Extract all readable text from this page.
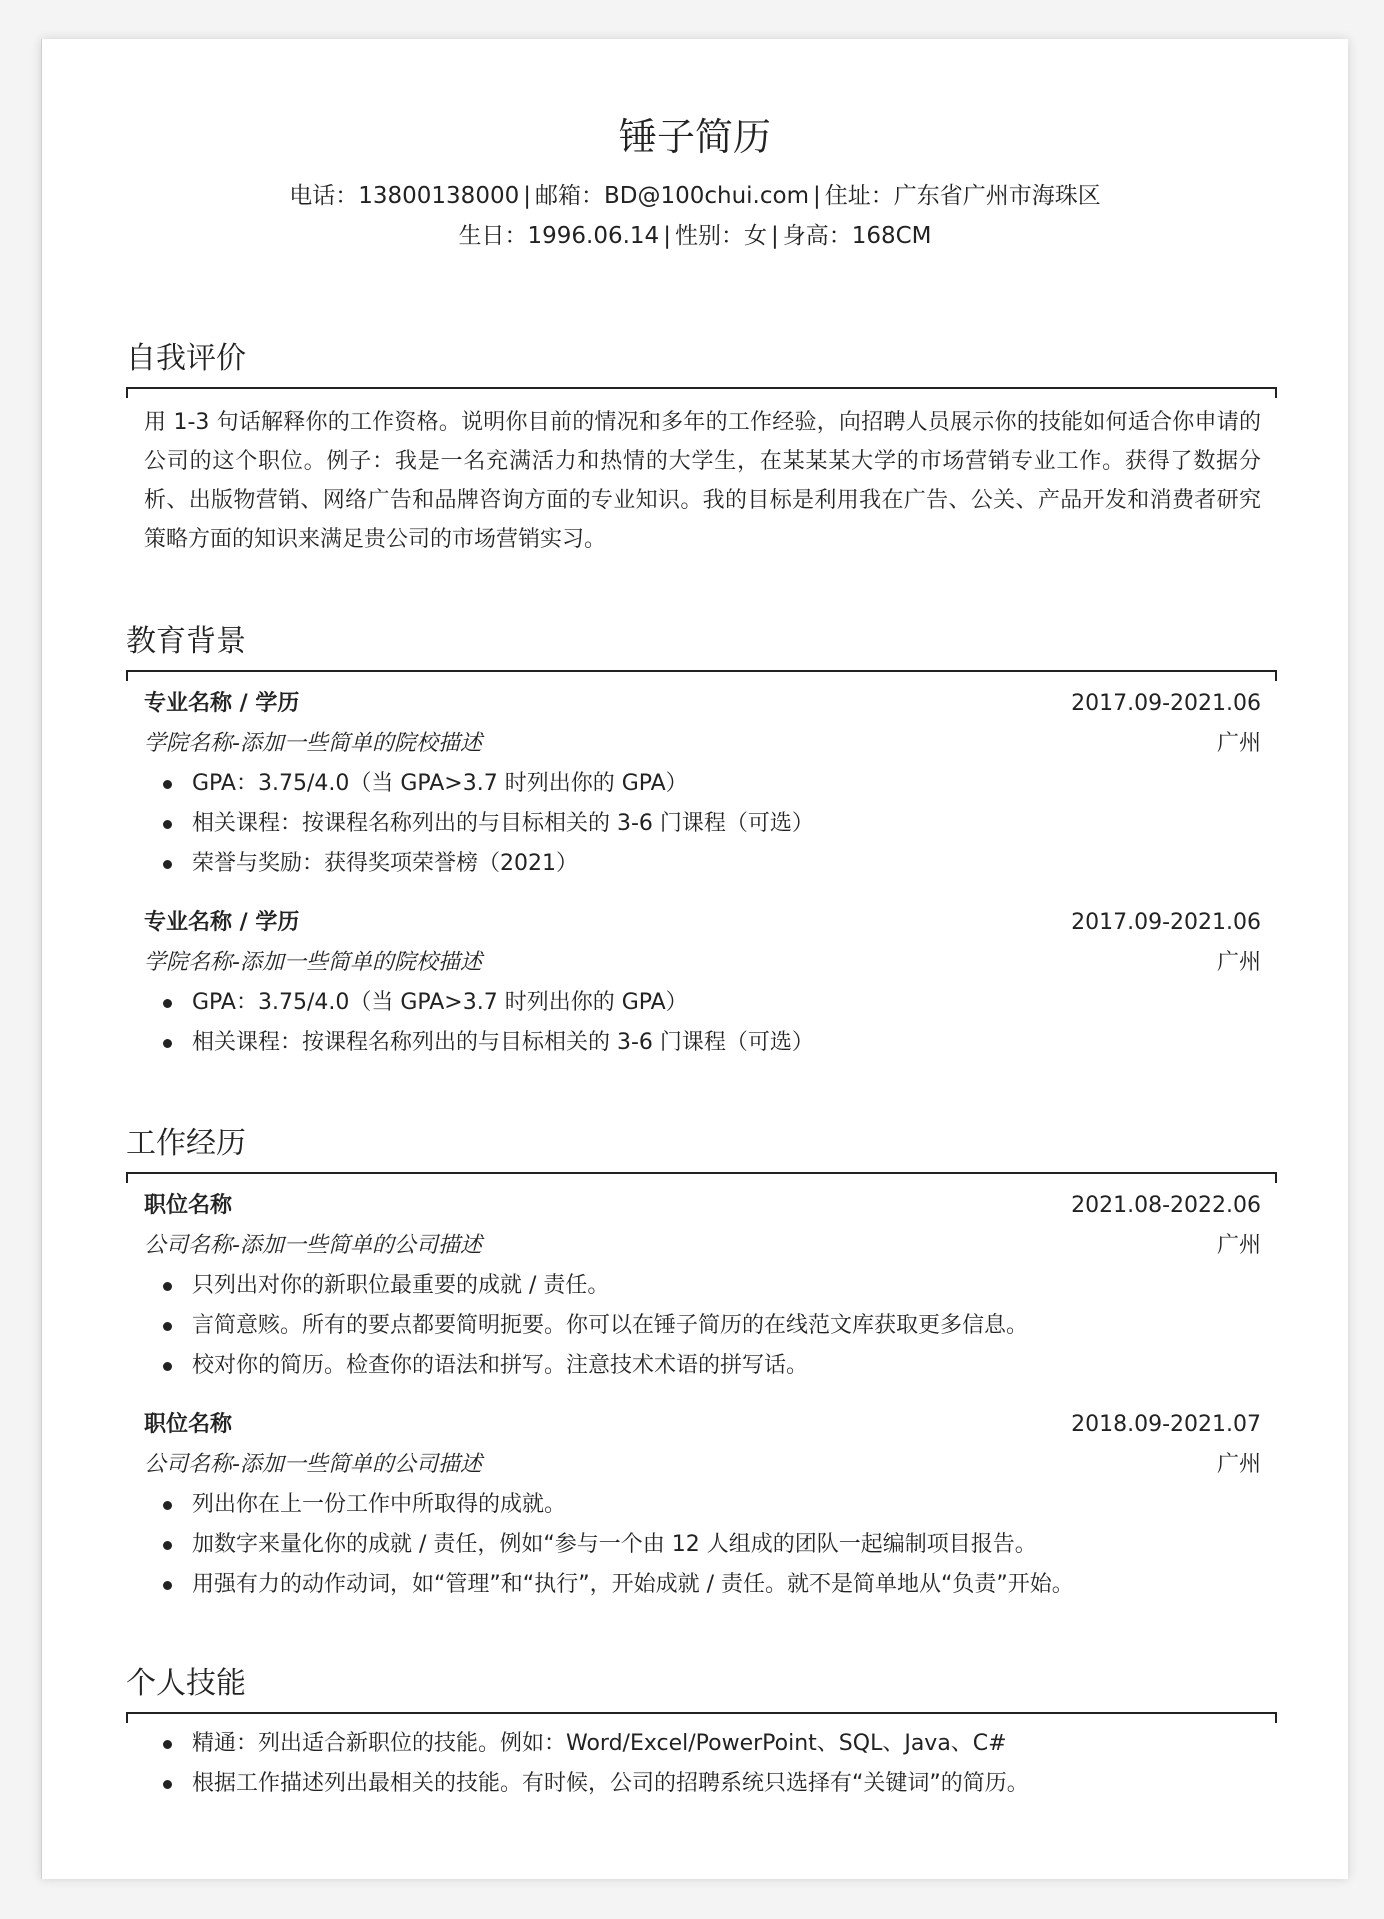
锤子简历
电话：13800138000 | 邮箱：BD@100chui.com | 住址：广东省广州市海珠区
生日：1996.06.14 | 性别：女 | 身高：168CM
自我评价
用 1-3 句话解释你的工作资格。说明你目前的情况和多年的工作经验，向招聘人员展示你的技能如何适合你申请的公司的这个职位。例子：我是一名充满活力和热情的大学生，在某某某大学的市场营销专业工作。获得了数据分析、出版物营销、网络广告和品牌咨询方面的专业知识。我的目标是利用我在广告、公关、产品开发和消费者研究策略方面的知识来满足贵公司的市场营销实习。
教育背景
专业名称 / 学历	2017.09-2021.06
学院名称-添加一些简单的院校描述	广州
GPA：3.75/4.0（当 GPA>3.7 时列出你的 GPA）
相关课程：按课程名称列出的与目标相关的 3-6 门课程（可选）
荣誉与奖励：获得奖项荣誉榜（2021）
专业名称 / 学历	2017.09-2021.06
学院名称-添加一些简单的院校描述	广州
GPA：3.75/4.0（当 GPA>3.7 时列出你的 GPA）
相关课程：按课程名称列出的与目标相关的 3-6 门课程（可选）
工作经历
职位名称	2021.08-2022.06
公司名称-添加一些简单的公司描述	广州
只列出对你的新职位最重要的成就 / 责任。
言简意赅。所有的要点都要简明扼要。你可以在锤子简历的在线范文库获取更多信息。
校对你的简历。检查你的语法和拼写。注意技术术语的拼写话。
职位名称	2018.09-2021.07
公司名称-添加一些简单的公司描述	广州
列出你在上一份工作中所取得的成就。
加数字来量化你的成就 / 责任，例如“参与一个由 12 人组成的团队一起编制项目报告。
用强有力的动作动词，如“管理”和“执行”，开始成就 / 责任。就不是简单地从“负责”开始。
个人技能
精通：列出适合新职位的技能。例如：Word/Excel/PowerPoint、SQL、Java、C#
根据工作描述列出最相关的技能。有时候，公司的招聘系统只选择有“关键词”的简历。
